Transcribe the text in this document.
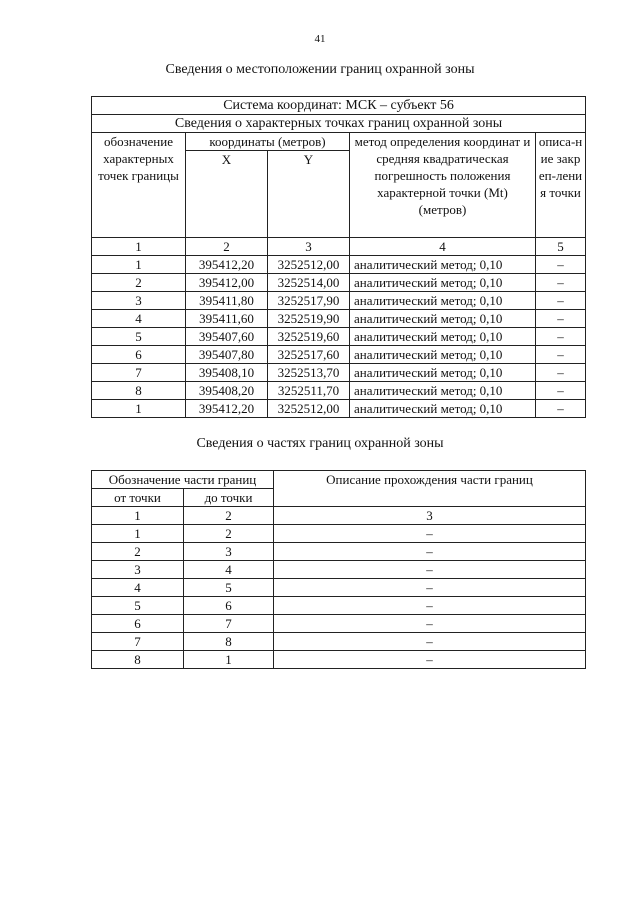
41
Сведения о местоположении границ охранной зоны
Система координат: МСК – субъект 56				
Сведения о характерных точках границ охранной зоны				
обозначение характерных точек границы	координаты (метров)		метод определения координат и средняя квадратическая погрешность положения характерной точки (Mt) (метров)	описа-ние закреп-ления точки
	X	Y		
1	2	3	4	5
1	395412,20	3252512,00	аналитический метод; 0,10	–
2	395412,00	3252514,00	аналитический метод; 0,10	–
3	395411,80	3252517,90	аналитический метод; 0,10	–
4	395411,60	3252519,90	аналитический метод; 0,10	–
5	395407,60	3252519,60	аналитический метод; 0,10	–
6	395407,80	3252517,60	аналитический метод; 0,10	–
7	395408,10	3252513,70	аналитический метод; 0,10	–
8	395408,20	3252511,70	аналитический метод; 0,10	–
1	395412,20	3252512,00	аналитический метод; 0,10	–
Сведения о частях границ охранной зоны
Обозначение части границ		Описание прохождения части границ
от точки	до точки	
1	2	3
1	2	–
2	3	–
3	4	–
4	5	–
5	6	–
6	7	–
7	8	–
8	1	–
